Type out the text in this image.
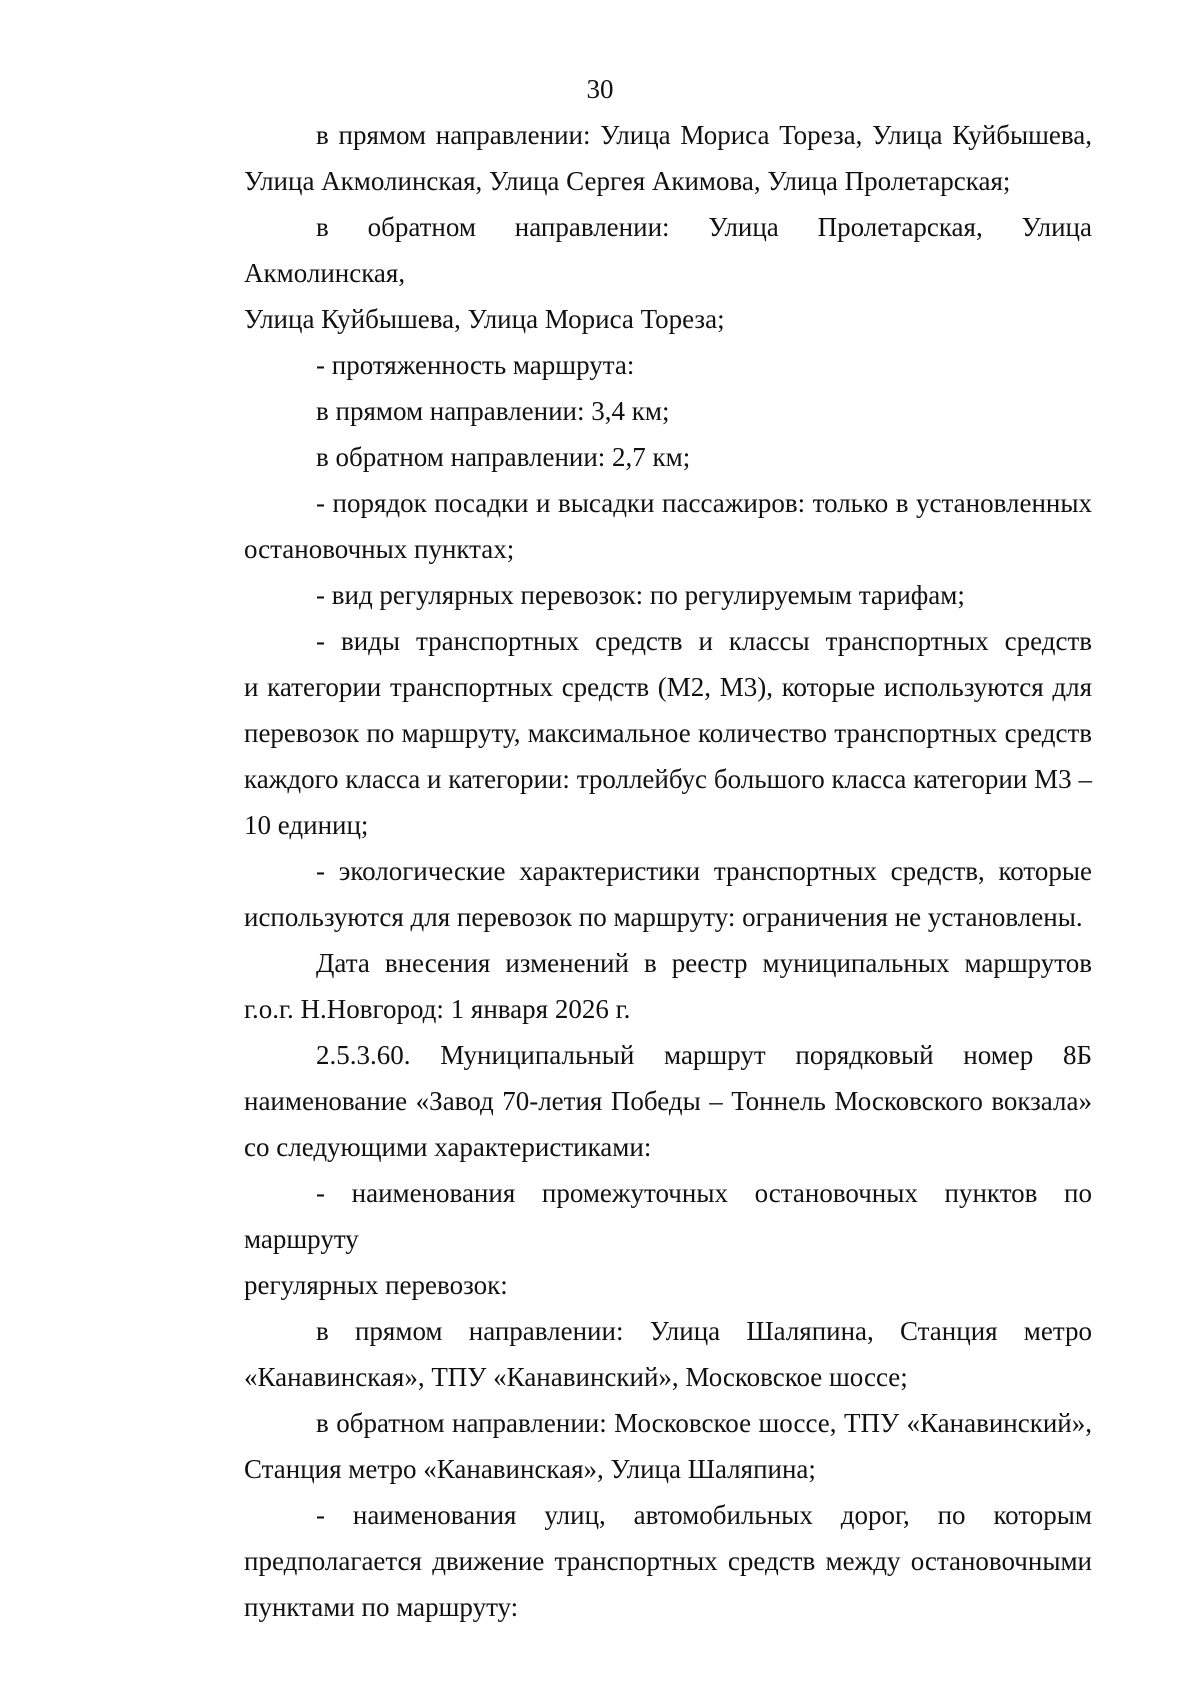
30
в прямом направлении: Улица Мориса Тореза, Улица Куйбышева,
Улица Акмолинская, Улица Сергея Акимова, Улица Пролетарская;
в обратном направлении: Улица Пролетарская, Улица Акмолинская,
Улица Куйбышева, Улица Мориса Тореза;
- протяженность маршрута:
в прямом направлении: 3,4 км;
в обратном направлении: 2,7 км;
- порядок посадки и высадки пассажиров: только в установленных
остановочных пунктах;
- вид регулярных перевозок: по регулируемым тарифам;
- виды транспортных средств и классы транспортных средств
и категории транспортных средств (М2, М3), которые используются для
перевозок по маршруту, максимальное количество транспортных средств
каждого класса и категории: троллейбус большого класса категории М3 –
10 единиц;
- экологические характеристики транспортных средств, которые
используются для перевозок по маршруту: ограничения не установлены.
Дата внесения изменений в реестр муниципальных маршрутов
г.о.г. Н.Новгород: 1 января 2026 г.
2.5.3.60. Муниципальный маршрут порядковый номер 8Б
наименование «Завод 70-летия Победы – Тоннель Московского вокзала»
со следующими характеристиками:
- наименования промежуточных остановочных пунктов по маршруту
регулярных перевозок:
в прямом направлении: Улица Шаляпина, Станция метро
«Канавинская», ТПУ «Канавинский», Московское шоссе;
в обратном направлении: Московское шоссе, ТПУ «Канавинский»,
Станция метро «Канавинская», Улица Шаляпина;
- наименования улиц, автомобильных дорог, по которым
предполагается движение транспортных средств между остановочными
пунктами по маршруту:
